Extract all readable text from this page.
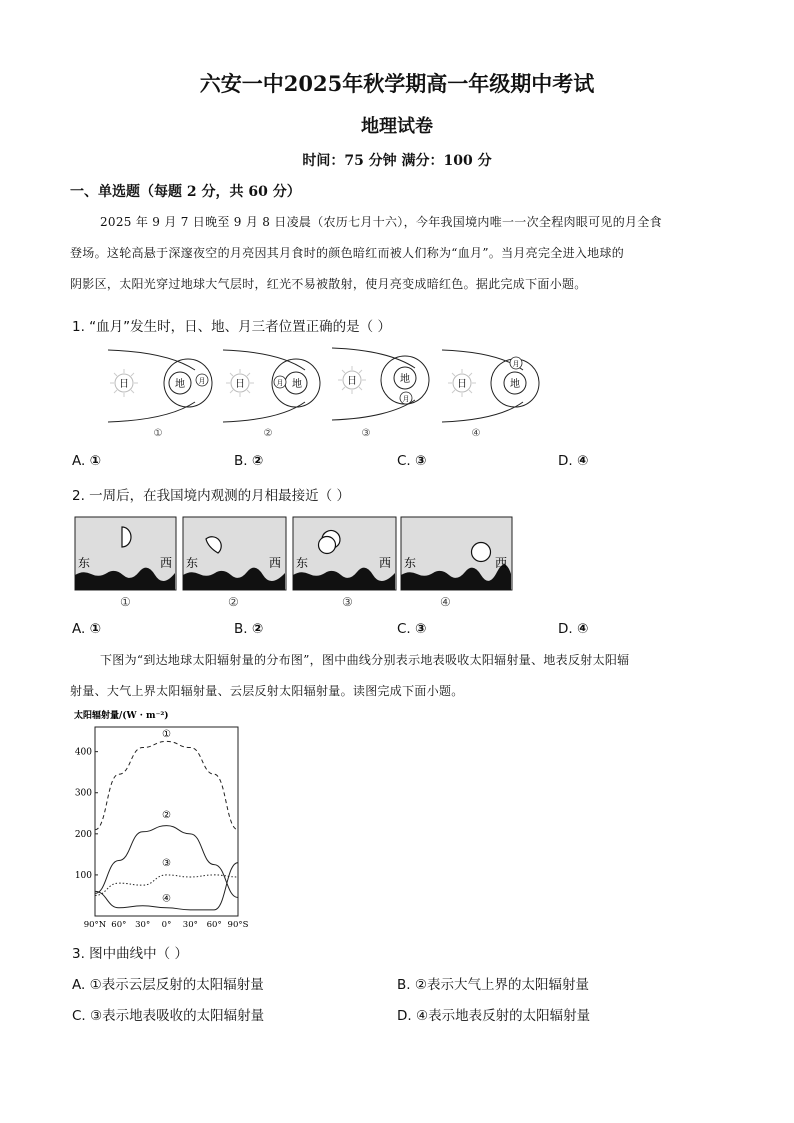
六安一中2025年秋学期高一年级期中考试
地理试卷
时间：75 分钟 满分：100 分
一、单选题（每题 2 分，共 60 分）
2025 年 9 月 7 日晚至 9 月 8 日凌晨（农历七月十六），今年我国境内唯一一次全程肉眼可见的月全食
登场。这轮高悬于深邃夜空的月亮因其月食时的颜色暗红而被人们称为“血月”。当月亮完全进入地球的
阴影区，太阳光穿过地球大气层时，红光不易被散射，使月亮变成暗红色。据此完成下面小题。
1. “血月”发生时，日、地、月三者位置正确的是（ ）
日	地 月
①
日	地
月
②
日	地
月
③
日	地
月
④
A. ①	B. ②	C. ③	D. ④
2. 一周后，在我国境内观测的月相最接近（ ）
东	西
①
东	西
②
东	西
③
东	西
④
A. ①	B. ②	C. ③	D. ④
下图为“到达地球太阳辐射量的分布图”，图中曲线分别表示地表吸收太阳辐射量、地表反射太阳辐
射量、大气上界太阳辐射量、云层反射太阳辐射量。读图完成下面小题。
太阳辐射量/(W · m⁻²)
100
200
300
400
90°N 60° 30° 0° 30° 60° 90°S
①
②
③
④
3. 图中曲线中（ ）
A. ①表示云层反射的太阳辐射量	B. ②表示大气上界的太阳辐射量
C. ③表示地表吸收的太阳辐射量	D. ④表示地表反射的太阳辐射量
